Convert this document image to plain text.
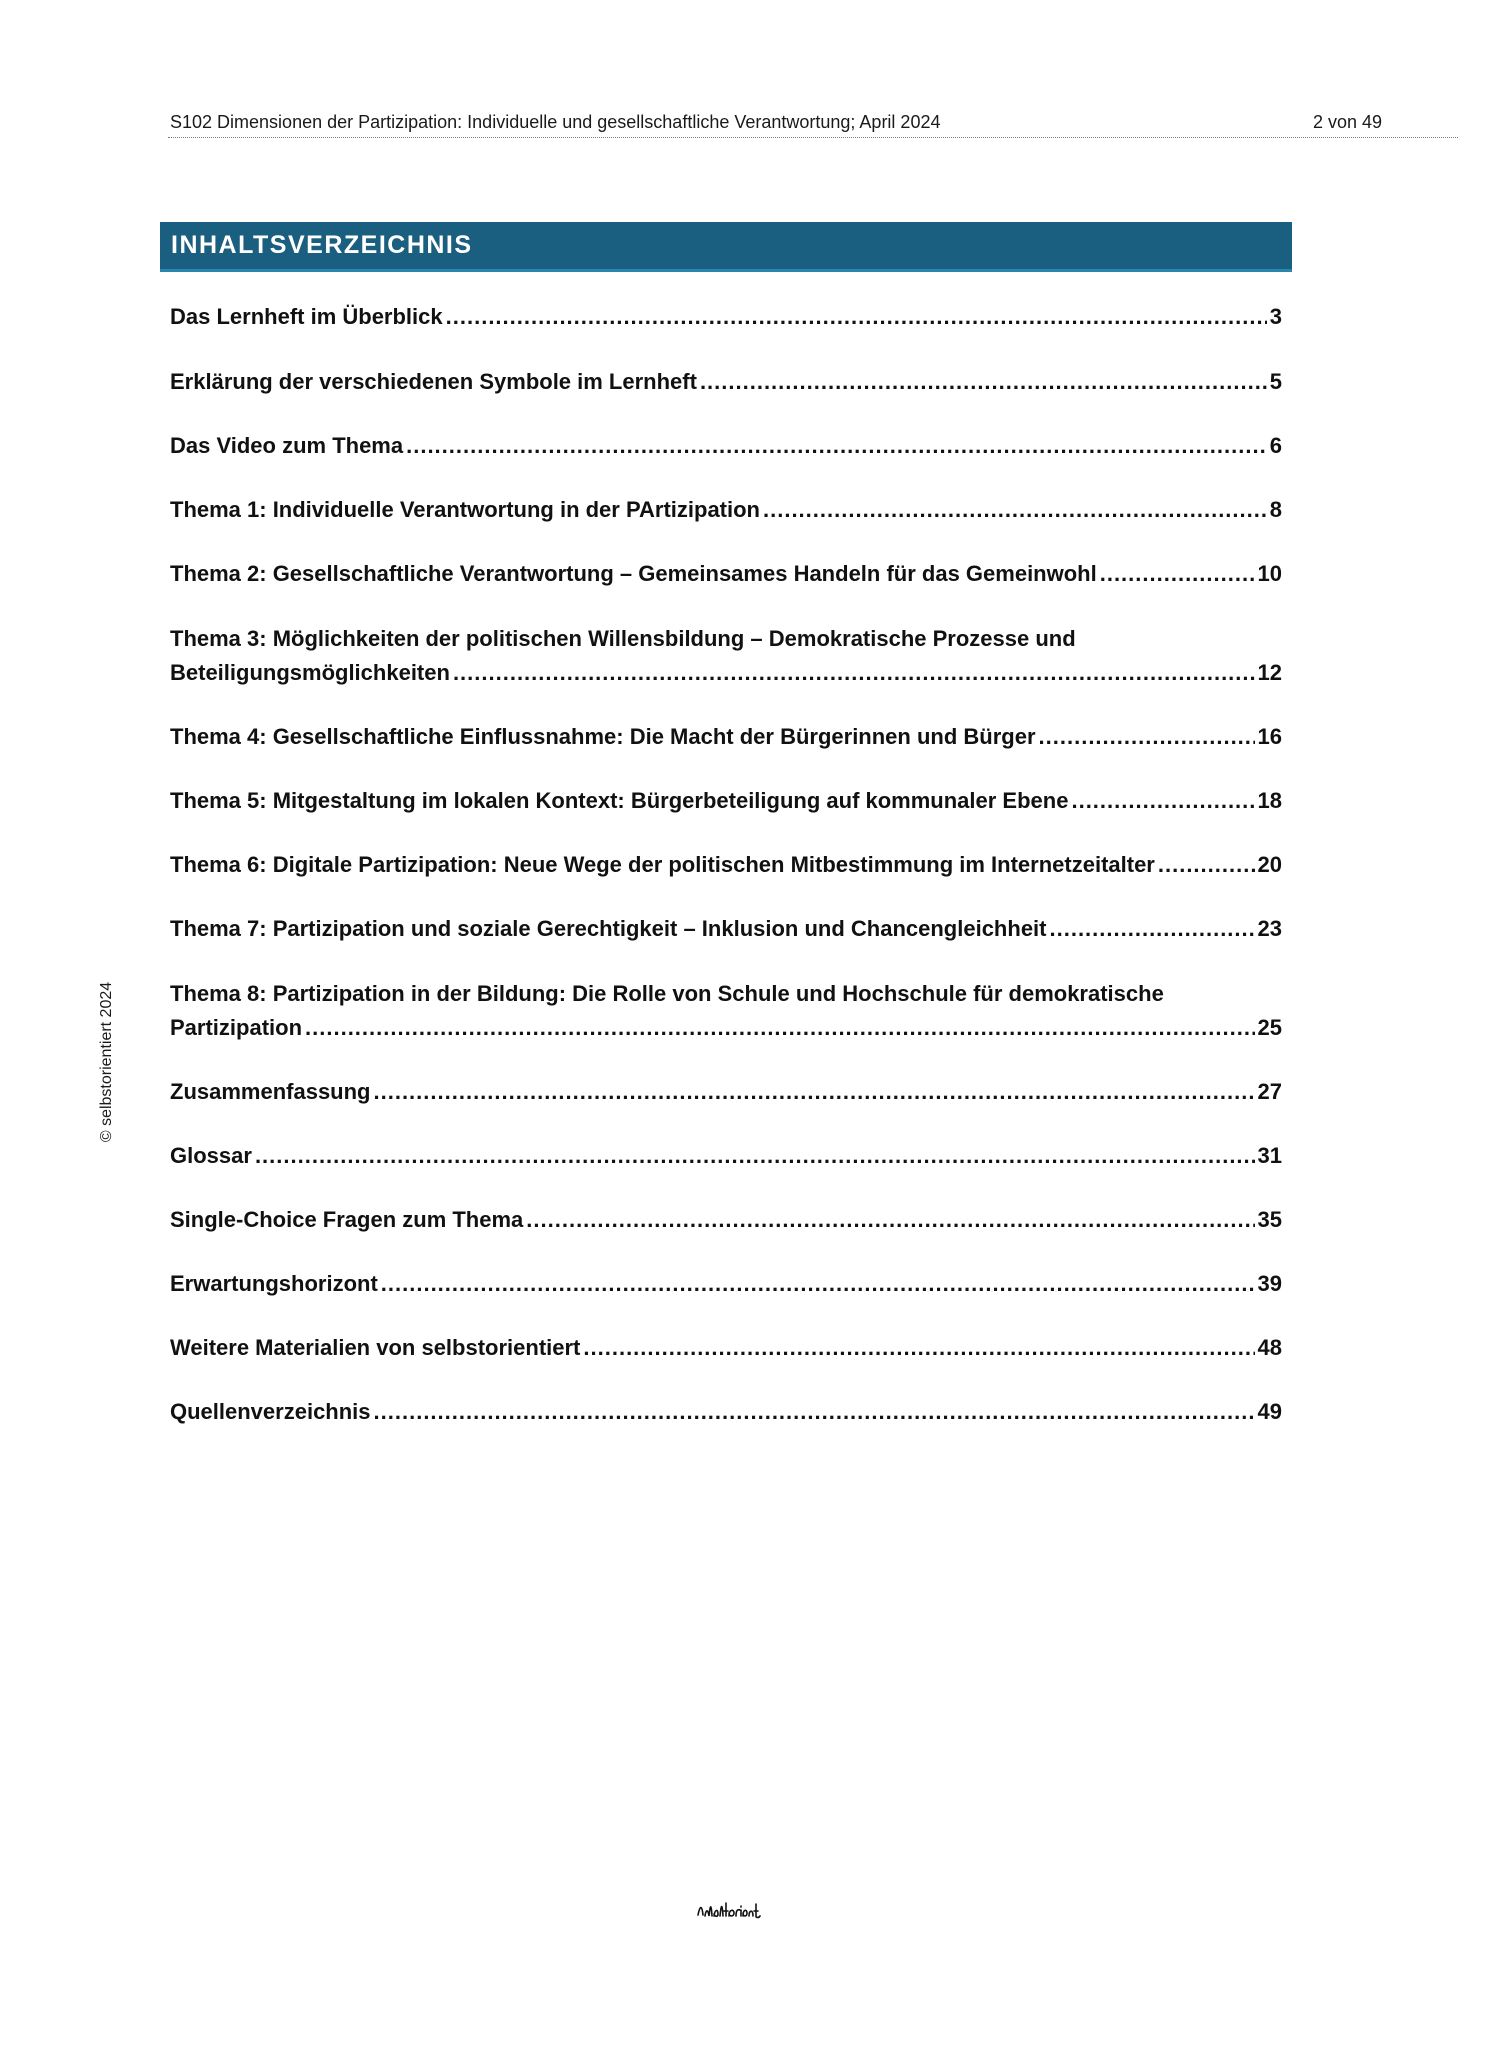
S102 Dimensionen der Partizipation: Individuelle und gesellschaftliche Verantwortung; April 2024	2 von 49
© selbstorientiert 2024
INHALTSVERZEICHNIS
Das Lernheft im Überblick .....	3
Erklärung der verschiedenen Symbole im Lernheft .....	5
Das Video zum Thema .....	6
Thema 1: Individuelle Verantwortung in der PArtizipation .....	8
Thema 2: Gesellschaftliche Verantwortung – Gemeinsames Handeln für das Gemeinwohl .....	10
Thema 3: Möglichkeiten der politischen Willensbildung – Demokratische Prozesse und
Beteiligungsmöglichkeiten .....	12
Thema 4: Gesellschaftliche Einflussnahme: Die Macht der Bürgerinnen und Bürger .....	16
Thema 5: Mitgestaltung im lokalen Kontext: Bürgerbeteiligung auf kommunaler Ebene .....	18
Thema 6: Digitale Partizipation: Neue Wege der politischen Mitbestimmung im Internetzeitalter .....	20
Thema 7: Partizipation und soziale Gerechtigkeit – Inklusion und Chancengleichheit .....	23
Thema 8: Partizipation in der Bildung: Die Rolle von Schule und Hochschule für demokratische
Partizipation .....	25
Zusammenfassung .....	27
Glossar .....	31
Single-Choice Fragen zum Thema .....	35
Erwartungshorizont .....	39
Weitere Materialien von selbstorientiert .....	48
Quellenverzeichnis .....	49
